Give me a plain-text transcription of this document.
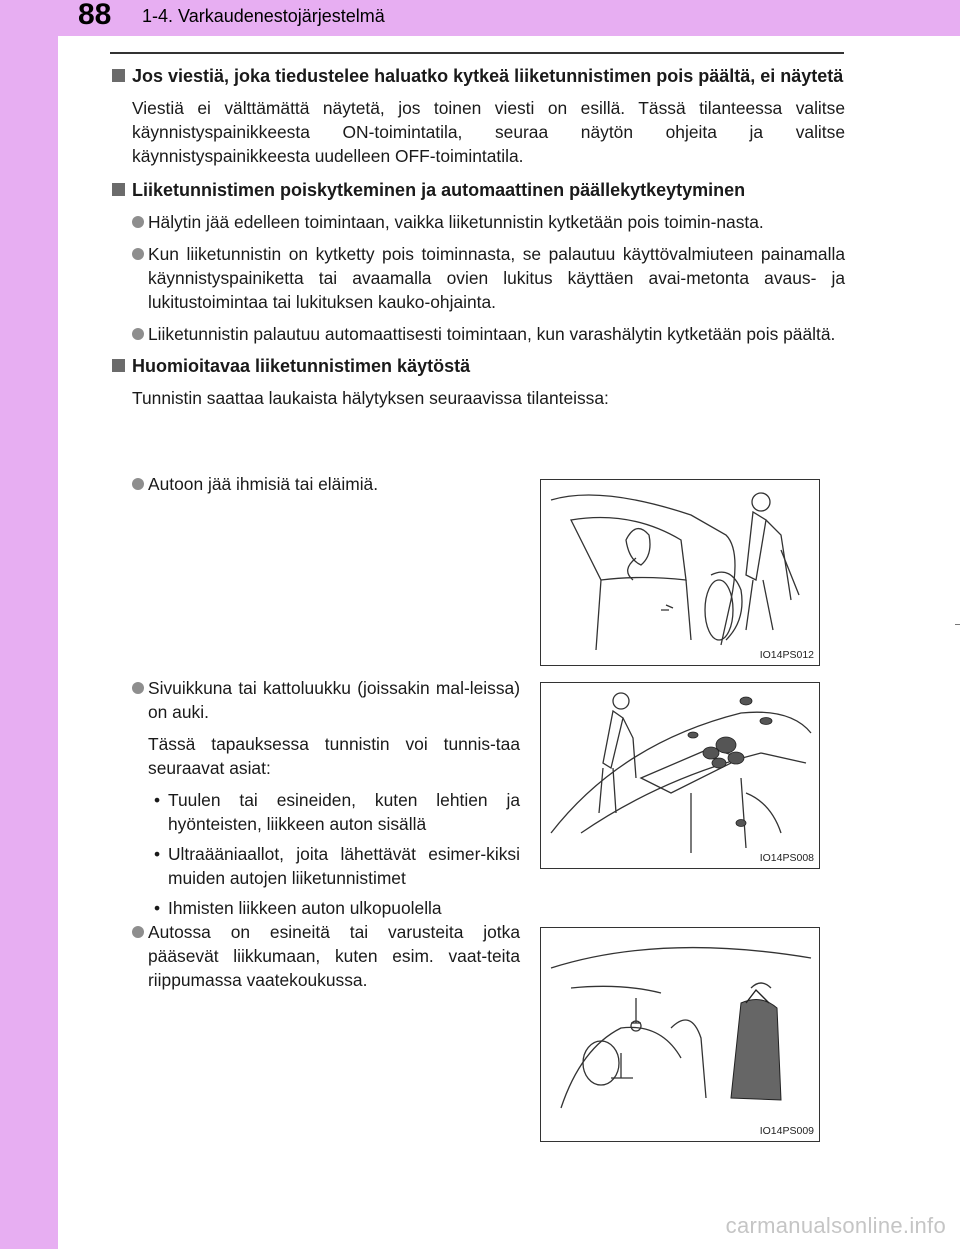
88 1-4. Varkaudenestojärjestelmä
Jos viestiä, joka tiedustelee haluatko kytkeä liiketunnistimen pois päältä, ei näytetä

Viestiä ei välttämättä näytetä, jos toinen viesti on esillä. Tässä tilanteessa valitse käynnistyspainikkeesta ON-toimintatila, seuraa näytön ohjeita ja valitse käynnistyspainikkeesta uudelleen OFF-toimintatila.

Liiketunnistimen poiskytkeminen ja automaattinen päällekytkeytyminen
Hälytin jää edelleen toimintaan, vaikka liiketunnistin kytketään pois toimin-nasta.
Kun liiketunnistin on kytketty pois toiminnasta, se palautuu käyttövalmiuteen painamalla käynnistyspainiketta tai avaamalla ovien lukitus käyttäen avai-metonta avaus- ja lukitustoimintaa tai lukituksen kauko-ohjainta.
Liiketunnistin palautuu automaattisesti toimintaan, kun varashälytin kytketään pois päältä.
Huomioitavaa liiketunnistimen käytöstä

Tunnistin saattaa laukaista hälytyksen seuraavissa tilanteissa:

Autoon jää ihmisiä tai eläimiä.
IO14PS012
Sivuikkuna tai kattoluukku (joissakin mal-leissa) on auki.

Tässä tapauksessa tunnistin voi tunnis-taa seuraavat asiat:

• Tuulen tai esineiden, kuten lehtien ja hyönteisten, liikkeen auton sisällä
• Ultraääniaallot, joita lähettävät esimer-kiksi muiden autojen liiketunnistimet
• Ihmisten liikkeen auton ulkopuolella
IO14PS008
Autossa on esineitä tai varusteita jotka pääsevät liikkumaan, kuten esim. vaat-teita riippumassa vaatekoukussa.
IO14PS009
carmanualsonline.info
